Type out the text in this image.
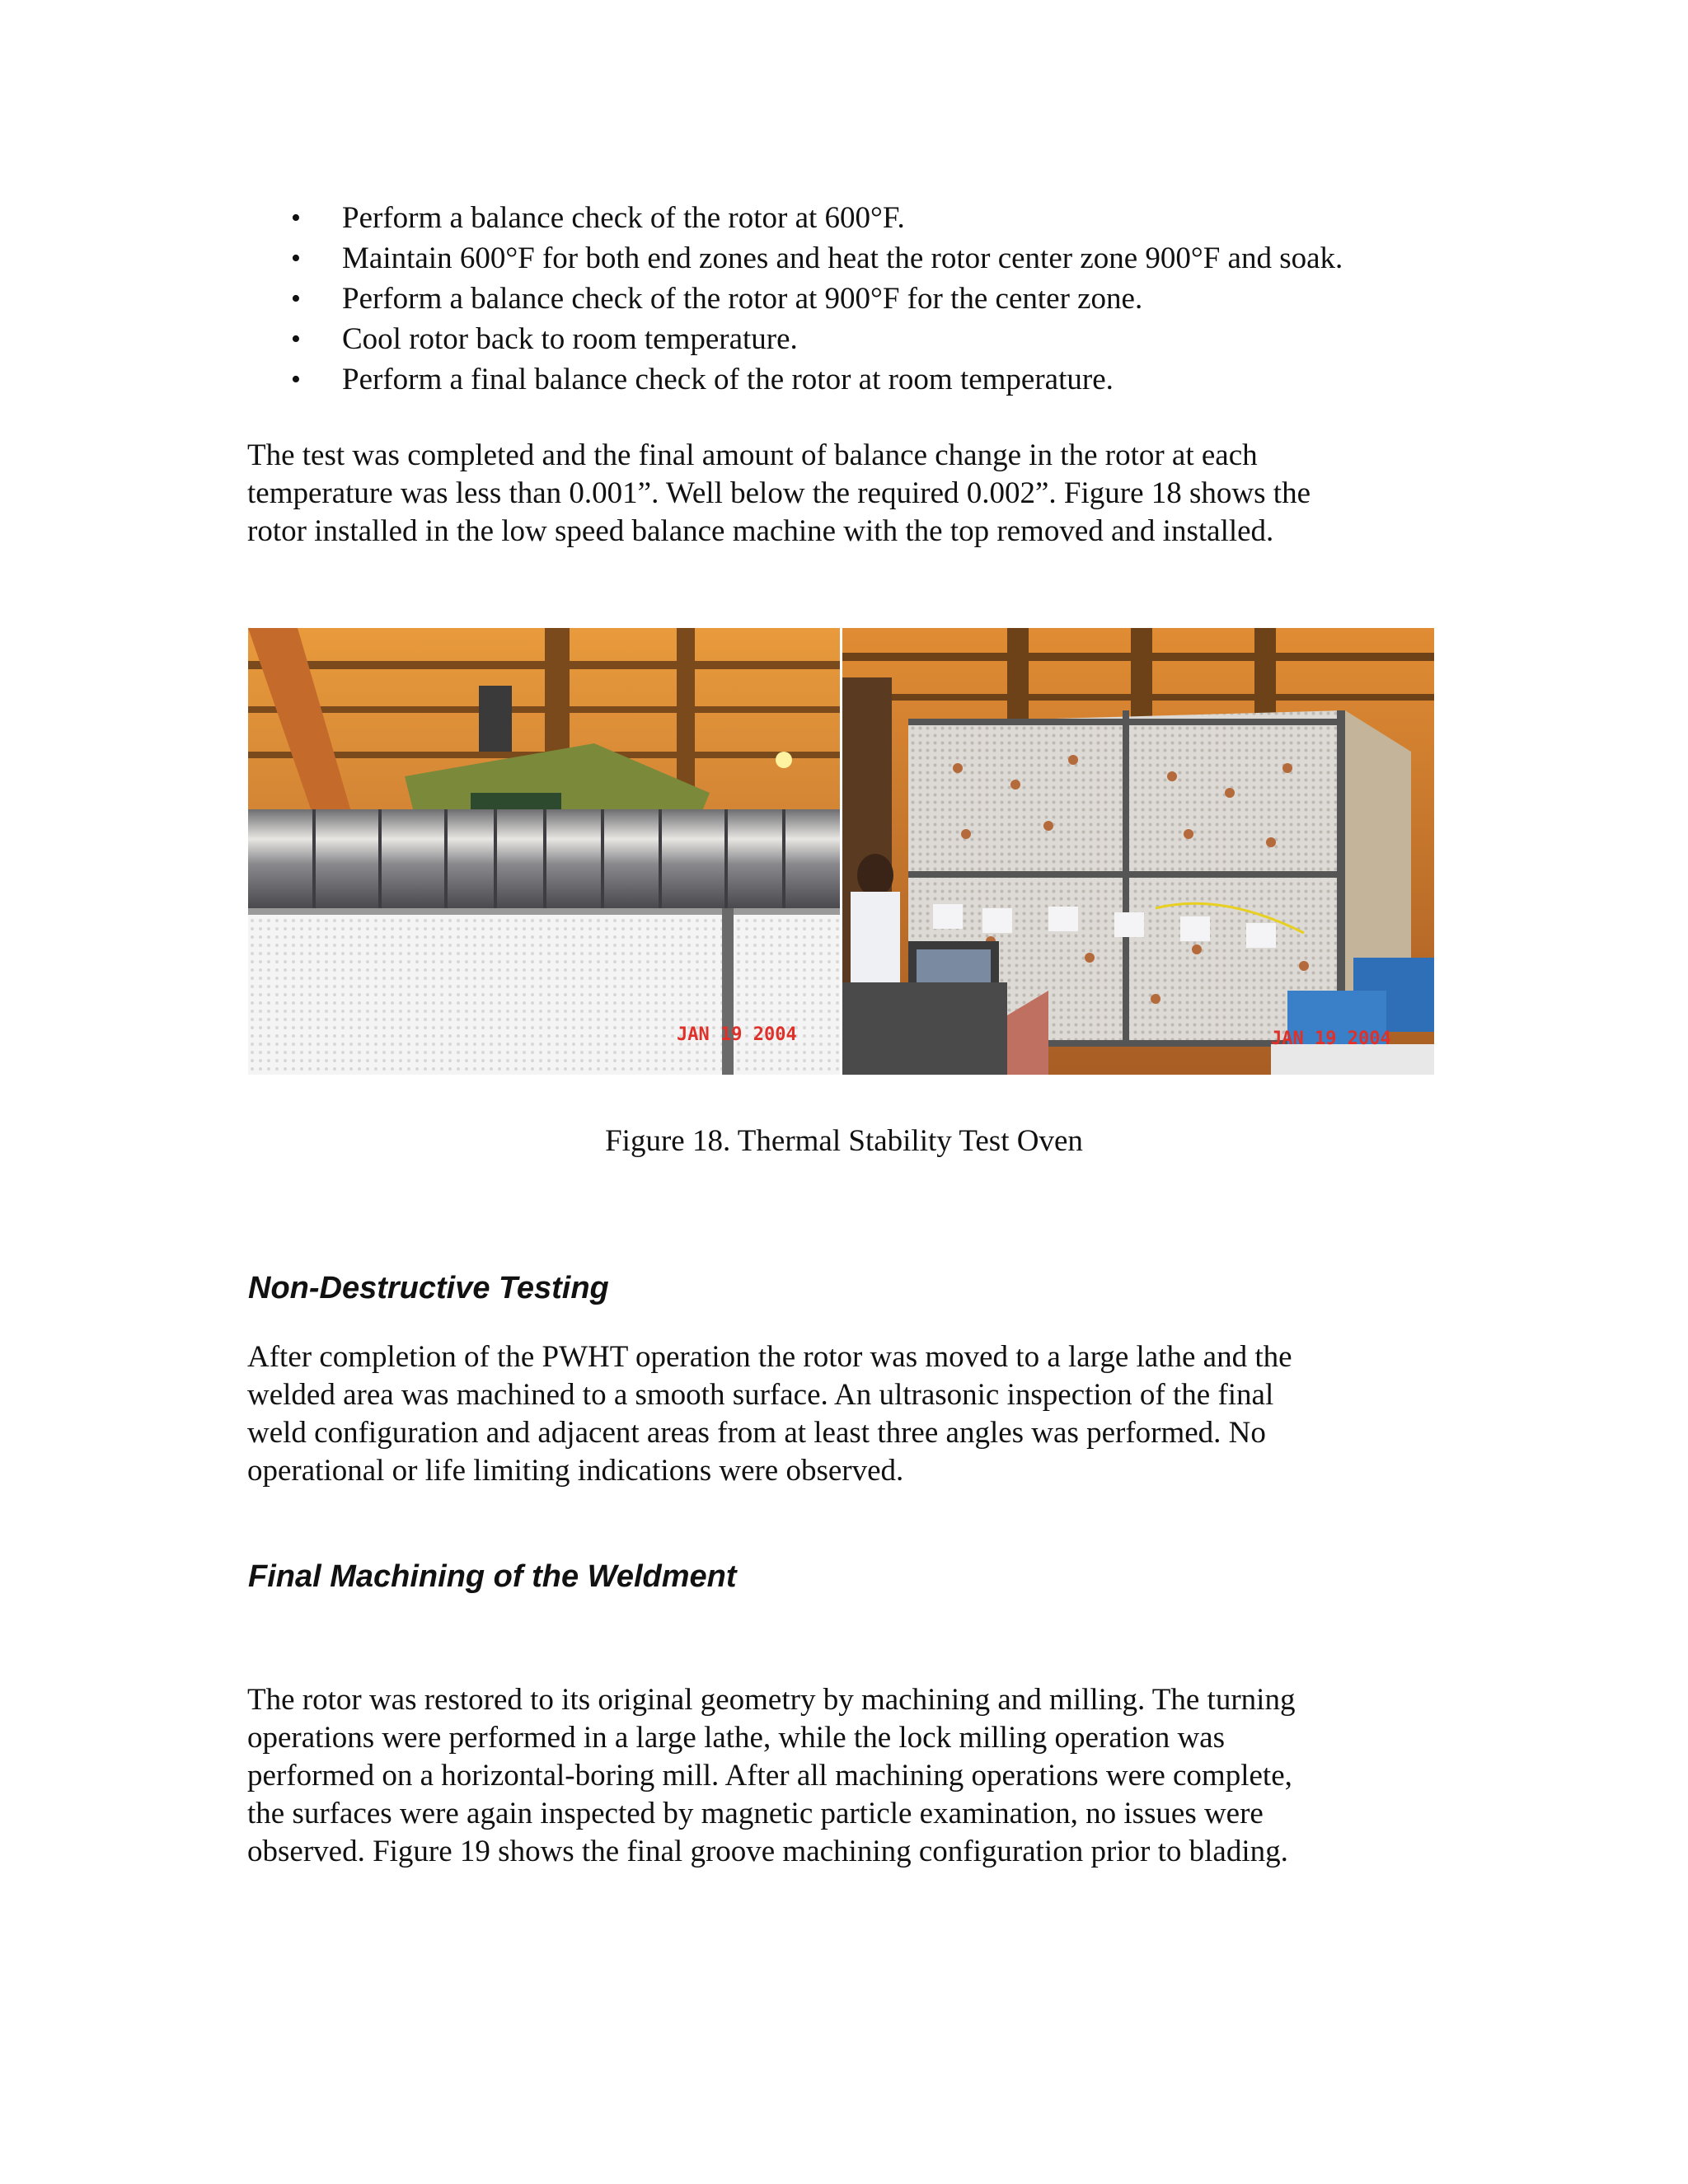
• Perform a balance check of the rotor at 600°F.
• Maintain 600°F for both end zones and heat the rotor center zone 900°F and soak.
• Perform a balance check of the rotor at 900°F for the center zone.
• Cool rotor back to room temperature.
• Perform a final balance check of the rotor at room temperature.

The test was completed and the final amount of balance change in the rotor at each
temperature was less than 0.001”. Well below the required 0.002”. Figure 18 shows the
rotor installed in the low speed balance machine with the top removed and installed.

JAN 19 2004	JAN 19 2004
Figure 18. Thermal Stability Test Oven
Non-Destructive Testing

After completion of the PWHT operation the rotor was moved to a large lathe and the
welded area was machined to a smooth surface. An ultrasonic inspection of the final
weld configuration and adjacent areas from at least three angles was performed. No
operational or life limiting indications were observed.

Final Machining of the Weldment

The rotor was restored to its original geometry by machining and milling. The turning
operations were performed in a large lathe, while the lock milling operation was
performed on a horizontal-boring mill. After all machining operations were complete,
the surfaces were again inspected by magnetic particle examination, no issues were
observed. Figure 19 shows the final groove machining configuration prior to blading.
